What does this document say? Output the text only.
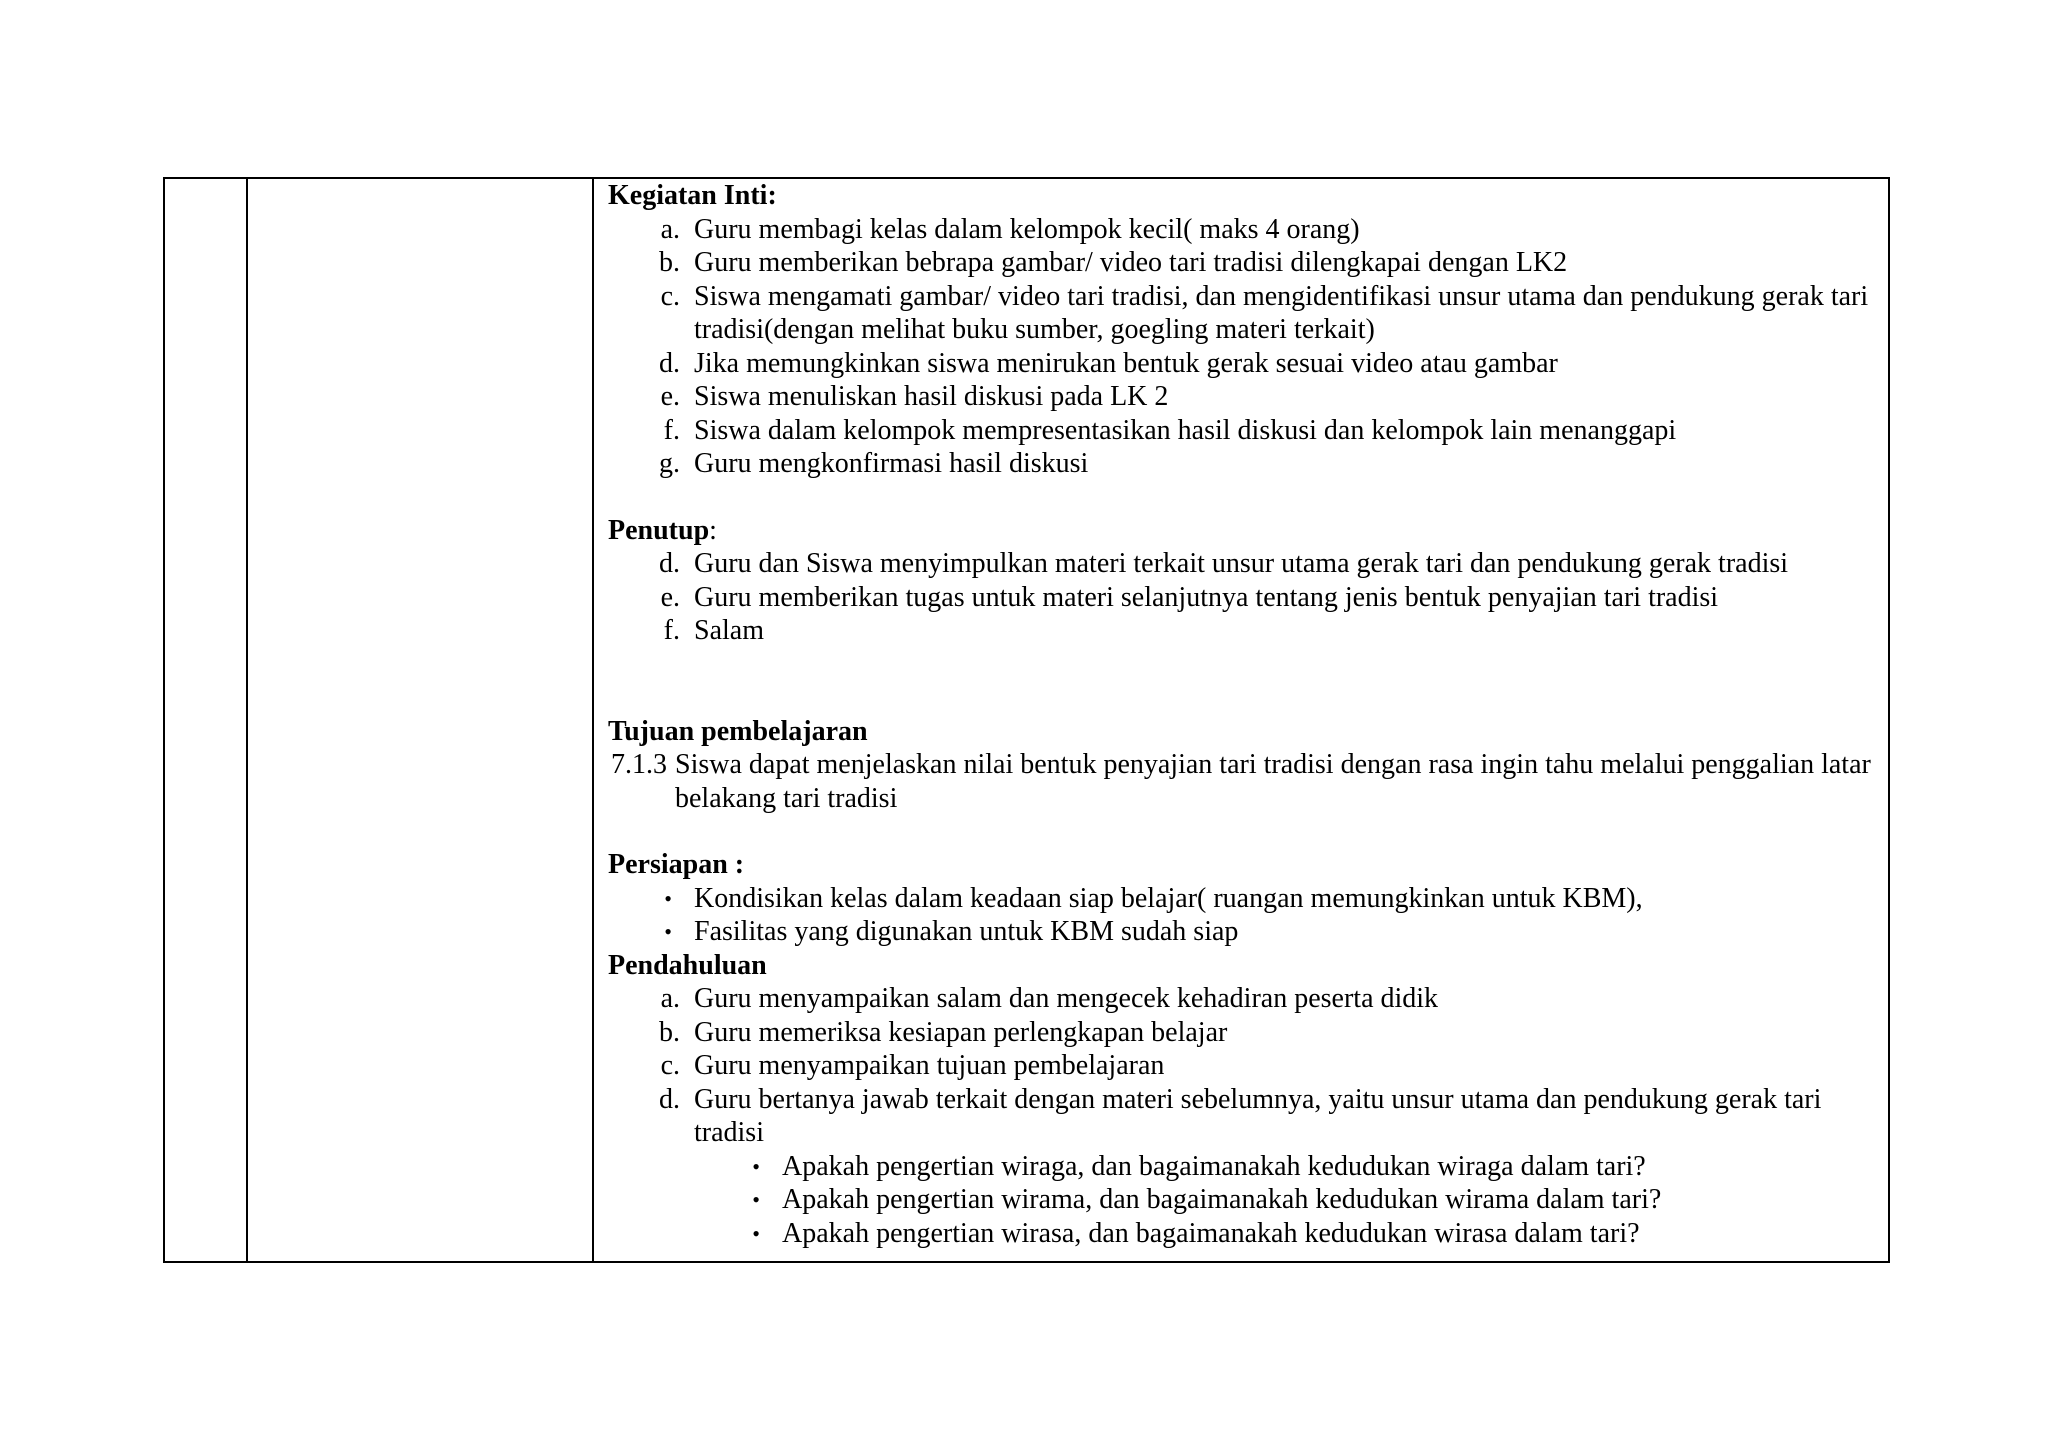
Kegiatan Inti:

a. Guru membagi kelas dalam kelompok kecil( maks 4 orang)
b. Guru memberikan bebrapa gambar/ video tari tradisi dilengkapai dengan LK2
c. Siswa mengamati gambar/ video tari tradisi, dan mengidentifikasi unsur utama dan pendukung gerak tari tradisi(dengan melihat buku sumber, goegling materi terkait)
d. Jika memungkinkan siswa menirukan bentuk gerak sesuai video atau gambar
e. Siswa menuliskan hasil diskusi pada LK 2
f. Siswa dalam kelompok mempresentasikan hasil diskusi dan kelompok lain menanggapi
g. Guru mengkonfirmasi hasil diskusi

Penutup:

d. Guru dan Siswa menyimpulkan materi terkait unsur utama gerak tari dan pendukung gerak tradisi
e. Guru memberikan tugas untuk materi selanjutnya tentang jenis bentuk penyajian tari tradisi
f. Salam

Tujuan pembelajaran

7.1.3 Siswa dapat menjelaskan nilai bentuk penyajian tari tradisi dengan rasa ingin tahu melalui penggalian latar belakang tari tradisi

Persiapan :

• Kondisikan kelas dalam keadaan siap belajar( ruangan memungkinkan untuk KBM),
• Fasilitas yang digunakan untuk KBM sudah siap

Pendahuluan

a. Guru menyampaikan salam dan mengecek kehadiran peserta didik
b. Guru memeriksa kesiapan perlengkapan belajar
c. Guru menyampaikan tujuan pembelajaran
d. Guru bertanya jawab terkait dengan materi sebelumnya, yaitu unsur utama dan pendukung gerak tari tradisi
• Apakah pengertian wiraga, dan bagaimanakah kedudukan wiraga dalam tari?
• Apakah pengertian wirama, dan bagaimanakah kedudukan wirama dalam tari?
• Apakah pengertian wirasa, dan bagaimanakah kedudukan wirasa dalam tari?
